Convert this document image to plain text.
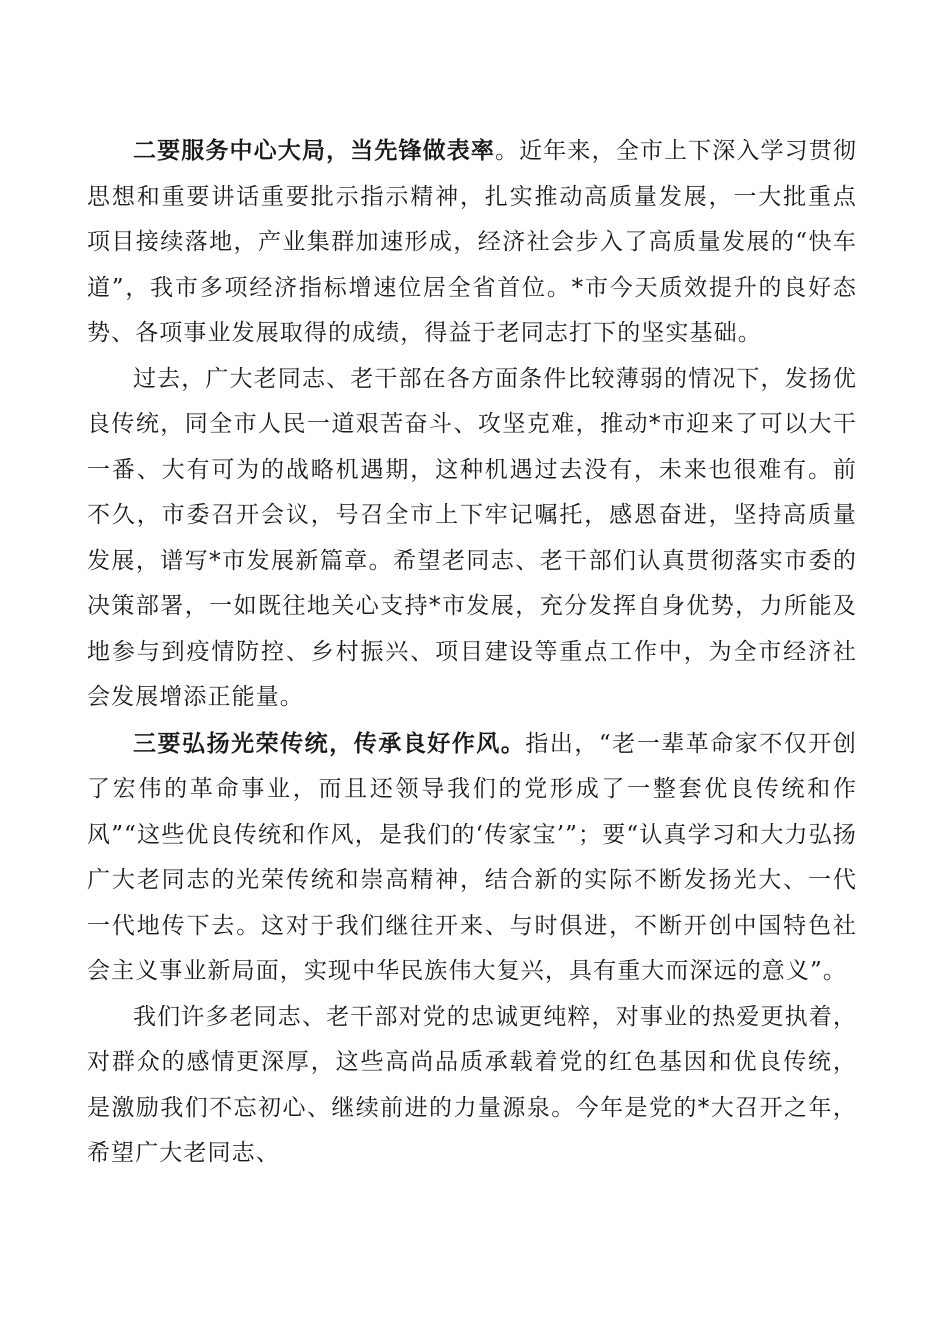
二要服务中心大局，当先锋做表率。近年来，全市上下深入学习贯彻思想和重要讲话重要批示指示精神，扎实推动高质量发展，一大批重点项目接续落地，产业集群加速形成，经济社会步入了高质量发展的“快车道”，我市多项经济指标增速位居全省首位。*市今天质效提升的良好态势、各项事业发展取得的成绩，得益于老同志打下的坚实基础。

过去，广大老同志、老干部在各方面条件比较薄弱的情况下，发扬优良传统，同全市人民一道艰苦奋斗、攻坚克难，推动*市迎来了可以大干一番、大有可为的战略机遇期，这种机遇过去没有，未来也很难有。前不久，市委召开会议，号召全市上下牢记嘱托，感恩奋进，坚持高质量发展，谱写*市发展新篇章。希望老同志、老干部们认真贯彻落实市委的决策部署，一如既往地关心支持*市发展，充分发挥自身优势，力所能及地参与到疫情防控、乡村振兴、项目建设等重点工作中，为全市经济社会发展增添正能量。

三要弘扬光荣传统，传承良好作风。指出，“老一辈革命家不仅开创了宏伟的革命事业，而且还领导我们的党形成了一整套优良传统和作风”“这些优良传统和作风，是我们的‘传家宝’”；要“认真学习和大力弘扬广大老同志的光荣传统和崇高精神，结合新的实际不断发扬光大、一代一代地传下去。这对于我们继往开来、与时俱进，不断开创中国特色社会主义事业新局面，实现中华民族伟大复兴，具有重大而深远的意义”。

我们许多老同志、老干部对党的忠诚更纯粹，对事业的热爱更执着，对群众的感情更深厚，这些高尚品质承载着党的红色基因和优良传统，是激励我们不忘初心、继续前进的力量源泉。今年是党的*大召开之年，希望广大老同志、
